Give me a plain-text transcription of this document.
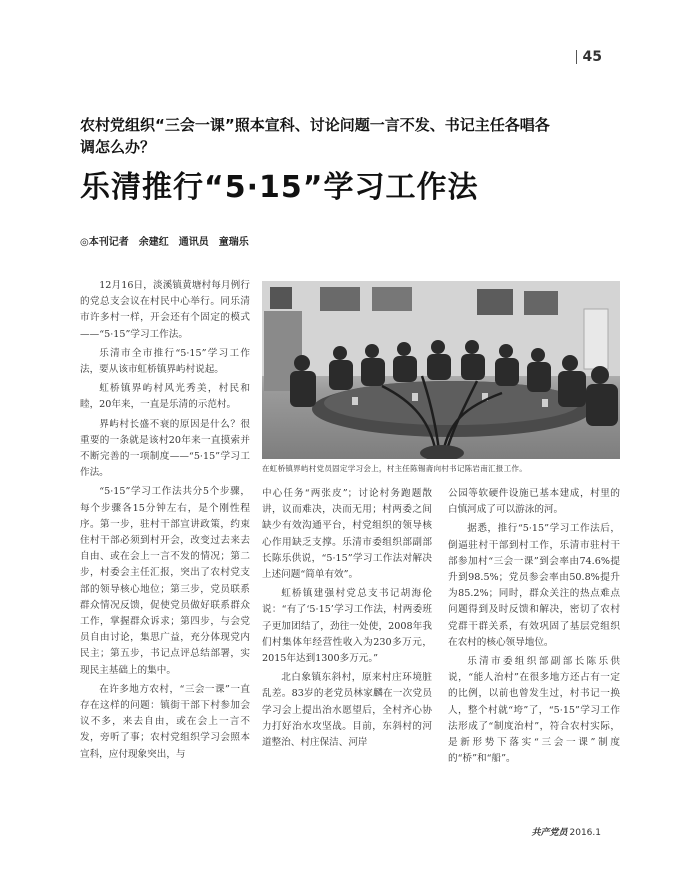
45
农村党组织“三会一课”照本宣科、讨论问题一言不发、书记主任各唱各调怎么办？
乐清推行“5·15”学习工作法
◎本刊记者　余建红　通讯员　童瑞乐

12月16日，淡溪镇黄塘村每月例行的党总支会议在村民中心举行。同乐清市许多村一样，开会还有个固定的模式——“5·15”学习工作法。

乐清市全市推行“5·15”学习工作法，要从该市虹桥镇界屿村说起。

虹桥镇界屿村风光秀美，村民和睦，20年来，一直是乐清的示范村。

界屿村长盛不衰的原因是什么？很重要的一条就是该村20年来一直摸索并不断完善的一项制度——“5·15”学习工作法。

“5·15”学习工作法共分5个步骤，每个步骤各15分钟左右，是个刚性程序。第一步，驻村干部宣讲政策，约束住村干部必须到村开会，改变过去来去自由、或在会上一言不发的情况；第二步，村委会主任汇报，突出了农村党支部的领导核心地位；第三步，党员联系群众情况反馈，促使党员做好联系群众工作，掌握群众诉求；第四步，与会党员自由讨论，集思广益，充分体现党内民主；第五步，书记点评总结部署，实现民主基础上的集中。

在许多地方农村，“三会一课”一直存在这样的问题：镇街干部下村参加会议不多，来去自由，或在会上一言不发，旁听了事；农村党组织学习会照本宣科，应付现象突出，与

在虹桥镇界屿村党员固定学习会上，村主任陈锡斋向村书记陈岩南汇报工作。

中心任务“两张皮”；讨论村务跑题散讲，议而难决，决而无用；村两委之间缺少有效沟通平台，村党组织的领导核心作用缺乏支撑。乐清市委组织部副部长陈乐供说，“5·15”学习工作法对解决上述问题“简单有效”。

虹桥镇建强村党总支书记胡海伦说：“有了‘5·15’学习工作法，村两委班子更加团结了，劲往一处使，2008年我们村集体年经营性收入为230多万元，2015年达到1300多万元。”

北白象镇东斜村，原来村庄环境脏乱差。83岁的老党员林家麟在一次党员学习会上提出治水愿望后，全村齐心协力打好治水攻坚战。目前，东斜村的河道整治、村庄保洁、河岸

公园等软硬件设施已基本建成，村里的白慎河成了可以游泳的河。

据悉，推行“5·15”学习工作法后，倒逼驻村干部到村工作，乐清市驻村干部参加村“三会一课”到会率由74.6%提升到98.5%；党员参会率由50.8%提升为85.2%；同时，群众关注的热点难点问题得到及时反馈和解决，密切了农村党群干群关系，有效巩固了基层党组织在农村的核心领导地位。

乐清市委组织部副部长陈乐供说，“能人治村”在很多地方还占有一定的比例，以前也曾发生过，村书记一换人，整个村就“垮”了，“5·15”学习工作法形成了“制度治村”，符合农村实际，是新形势下落实“三会一课”制度的“桥”和“船”。

共产党员 2016.1
